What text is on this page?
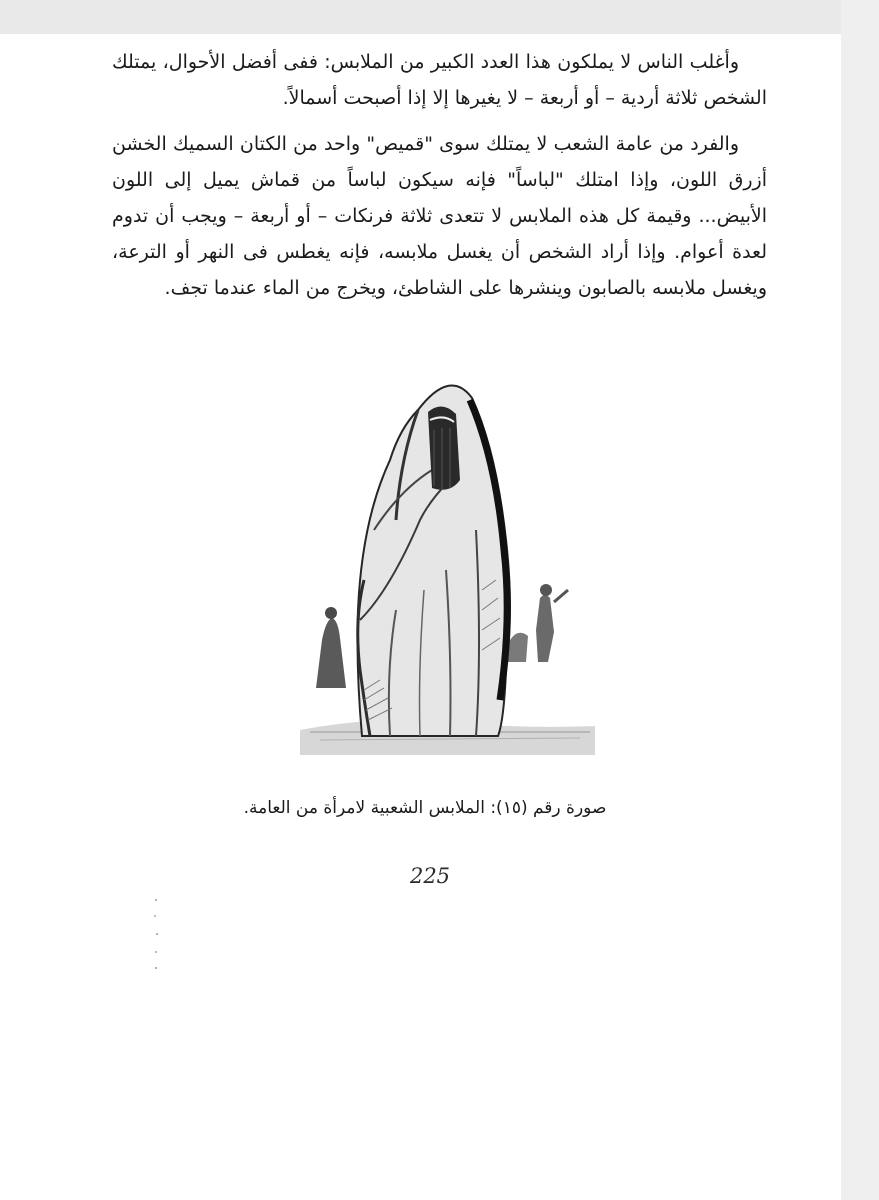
وأغلب الناس لا يملكون هذا العدد الكبير من الملابس: ففى أفضل الأحوال، يمتلك الشخص ثلاثة أردية – أو أربعة – لا يغيرها إلا إذا أصبحت أسمالاً.

والفرد من عامة الشعب لا يمتلك سوى "قميص" واحد من الكتان السميك الخشن أزرق اللون، وإذا امتلك "لباساً" فإنه سيكون لباساً من قماش يميل إلى اللون الأبيض... وقيمة كل هذه الملابس لا تتعدى ثلاثة فرنكات – أو أربعة – ويجب أن تدوم لعدة أعوام. وإذا أراد الشخص أن يغسل ملابسه، فإنه يغطس فى النهر أو الترعة، ويغسل ملابسه بالصابون وينشرها على الشاطئ، ويخرج من الماء عندما تجف.

صورة رقم (١٥): الملابس الشعبية لامرأة من العامة.
225
